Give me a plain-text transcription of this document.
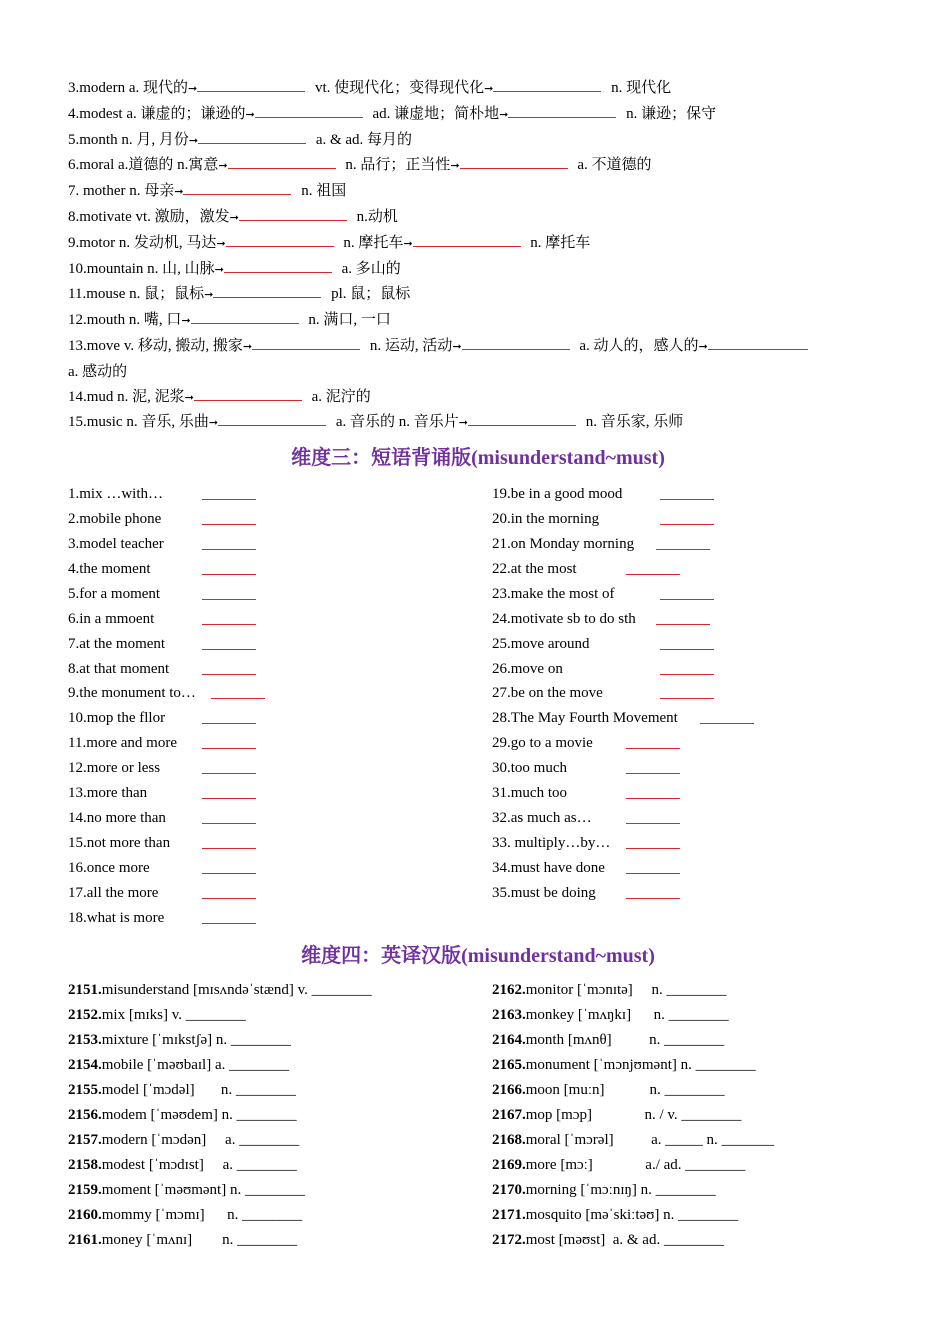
3.modern a. 现代的➞	vt. 使现代化；变得现代化➞	n. 现代化
4.modest a. 谦虚的；谦逊的➞	ad. 谦虚地；简朴地➞	n. 谦逊；保守
5.month n. 月, 月份➞	a. & ad. 每月的
6.moral a.道德的 n.寓意➞	n. 品行；正当性➞	a. 不道德的
7. mother n. 母亲➞	n. 祖国
8.motivate vt. 激励，激发➞	n.动机
9.motor n. 发动机, 马达➞	n. 摩托车➞	n. 摩托车
10.mountain n. 山, 山脉➞	a. 多山的
11.mouse n. 鼠；鼠标➞	pl. 鼠；鼠标
12.mouth n. 嘴, 口➞	n. 满口, 一口
13.move v. 移动, 搬动, 搬家➞	n. 运动, 活动➞	a. 动人的，感人的➞
a. 感动的
14.mud n. 泥, 泥浆➞	a. 泥泞的
15.music n. 音乐, 乐曲➞	a. 音乐的 n. 音乐片➞	n. 音乐家, 乐师
维度三：短语背诵版(misunderstand~must)
1.mix …with…
2.mobile phone
3.model teacher
4.the moment
5.for a moment
6.in a mmoent
7.at the moment
8.at that moment
9.the monument to…
10.mop the fllor
11.more and more
12.more or less
13.more than
14.no more than
15.not more than
16.once more
17.all the more
18.what is more
19.be in a good mood
20.in the morning
21.on Monday morning
22.at the most
23.make the most of
24.motivate sb to do sth
25.move around
26.move on
27.be on the move
28.The May Fourth Movement
29.go to a movie
30.too much
31.much too
32.as much as…
33. multiply…by…
34.must have done
35.must be doing
维度四：英译汉版(misunderstand~must)
2151.misunderstand [mɪsʌndəˈstænd] v. ________
2152.mix [mɪks] v. ________
2153.mixture [ˈmɪkstʃə] n. ________
2154.mobile [ˈməʊbaɪl] a. ________
2155.model [ˈmɔdəl]       n. ________
2156.modem [ˈməʊdem] n. ________
2157.modern [ˈmɔdən]     a. ________
2158.modest [ˈmɔdɪst]     a. ________
2159.moment [ˈməʊmənt] n. ________
2160.mommy [ˈmɔmɪ]      n. ________
2161.money [ˈmʌnɪ]        n. ________
2162.monitor [ˈmɔnɪtə]     n. ________
2163.monkey [ˈmʌŋkɪ]      n. ________
2164.month [mʌnθ]          n. ________
2165.monument [ˈmɔnjʊmənt] n. ________
2166.moon [muːn]            n. ________
2167.mop [mɔp]              n. / v. ________
2168.moral [ˈmɔrəl]          a. _____ n. _______
2169.more [mɔː]              a./ ad. ________
2170.morning [ˈmɔːnɪŋ] n. ________
2171.mosquito [məˈskiːtəʊ] n. ________
2172.most [məʊst]  a. & ad. ________
